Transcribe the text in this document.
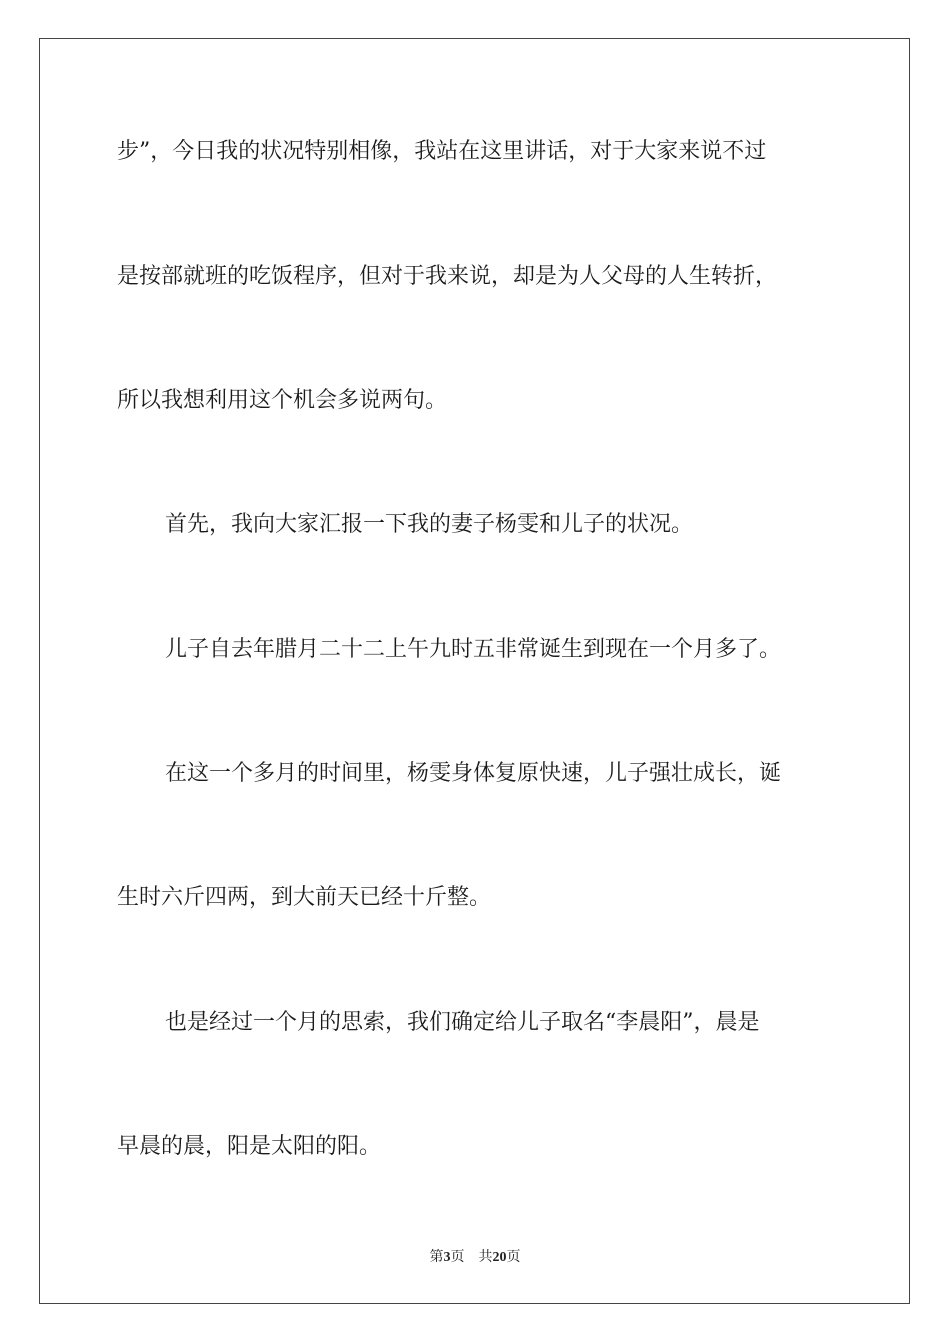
步”，今日我的状况特别相像，我站在这里讲话，对于大家来说不过

是按部就班的吃饭程序，但对于我来说，却是为人父母的人生转折，

所以我想利用这个机会多说两句。

首先，我向大家汇报一下我的妻子杨雯和儿子的状况。

儿子自去年腊月二十二上午九时五非常诞生到现在一个月多了。

在这一个多月的时间里，杨雯身体复原快速，儿子强壮成长，诞

生时六斤四两，到大前天已经十斤整。

也是经过一个月的思索，我们确定给儿子取名“李晨阳”，晨是

早晨的晨，阳是太阳的阳。

第3页 共20页
